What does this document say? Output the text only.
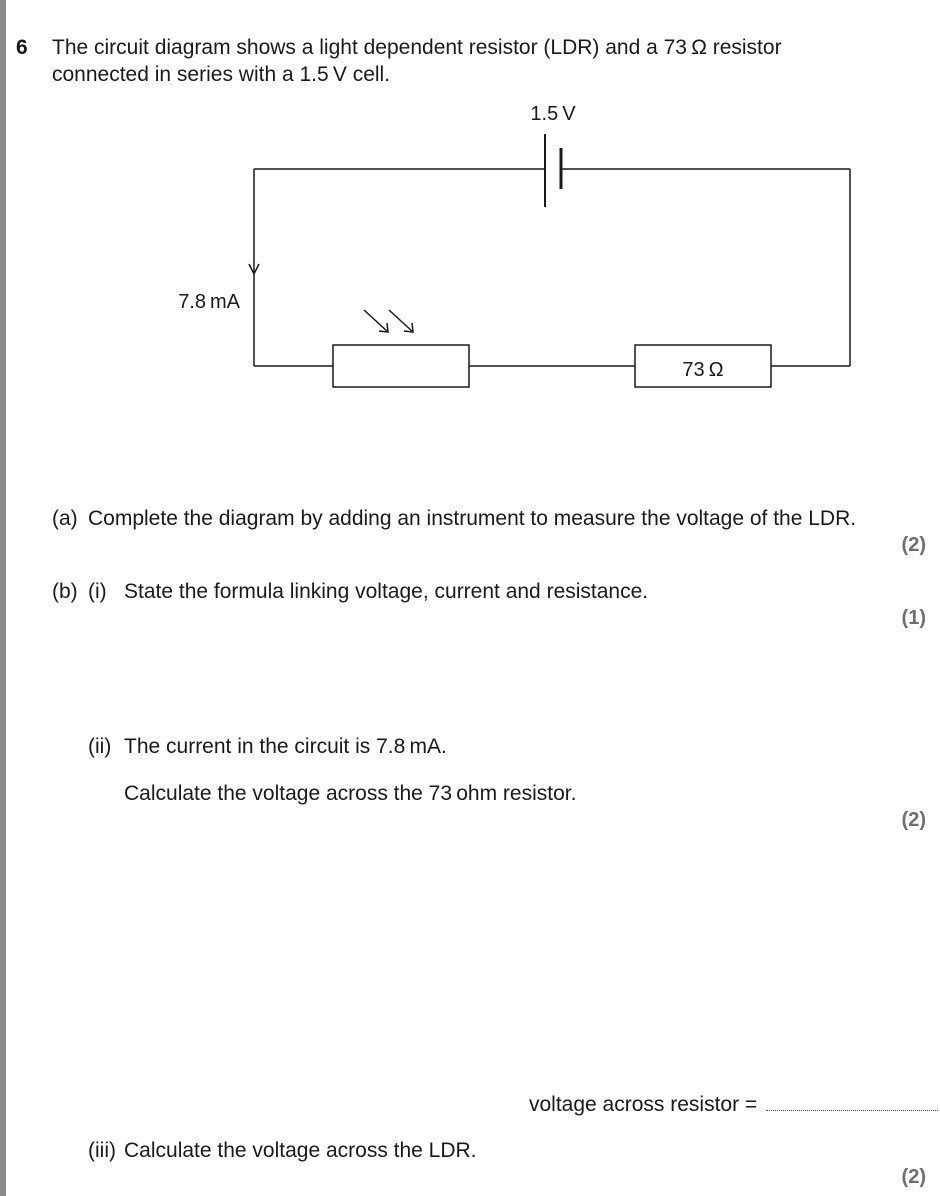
6 The circuit diagram shows a light dependent resistor (LDR) and a 73 Ω resistor
connected in series with a 1.5 V cell.
1.5 V
7.8 mA
73 Ω
(a) Complete the diagram by adding an instrument to measure the voltage of the LDR.
(2)
(b) (i) State the formula linking voltage, current and resistance.
(1)
(ii) The current in the circuit is 7.8 mA.
Calculate the voltage across the 73 ohm resistor.
(2)
voltage across resistor =
(iii) Calculate the voltage across the LDR.
(2)
